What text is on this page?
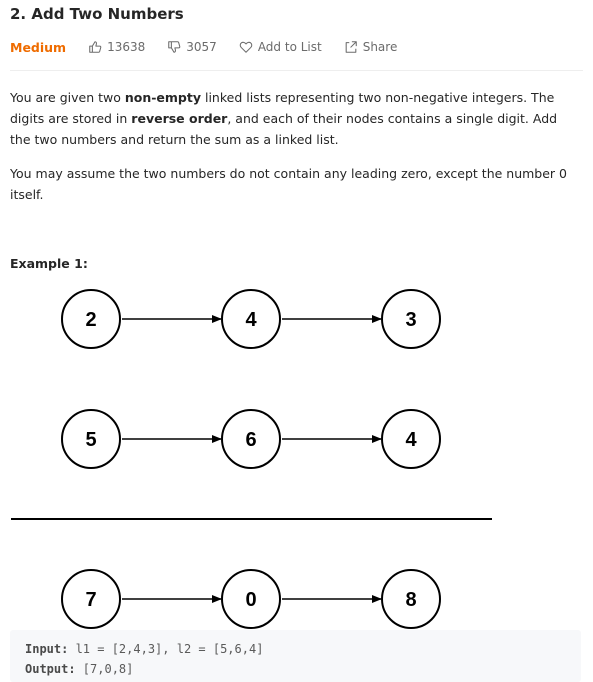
2. Add Two Numbers
Medium	13638	3057	Add to List	Share
You are given two non-empty linked lists representing two non-negative integers. The digits are stored in reverse order, and each of their nodes contains a single digit. Add the two numbers and return the sum as a linked list.
You may assume the two numbers do not contain any leading zero, except the number 0 itself.
Example 1:
2	4	3
5	6	4
7	0	8
Input: l1 = [2,4,3], l2 = [5,6,4]
Output: [7,0,8]
